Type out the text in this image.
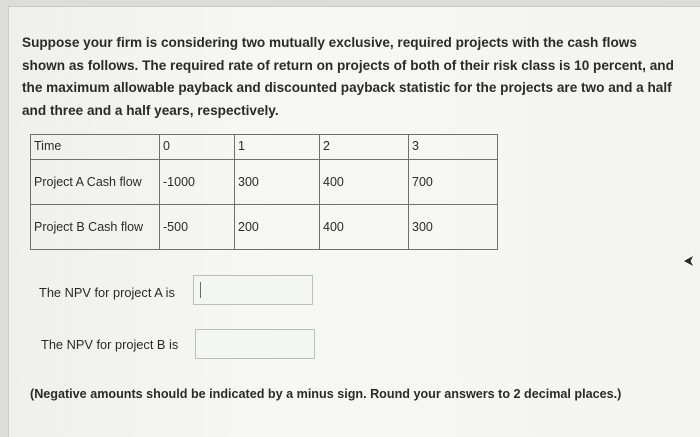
Suppose your firm is considering two mutually exclusive, required projects with the cash flows shown as follows. The required rate of return on projects of both of their risk class is 10 percent, and the maximum allowable payback and discounted payback statistic for the projects are two and a half and three and a half years, respectively.

Time	0	1	2	3
Project A Cash flow	-1000	300	400	700
Project B Cash flow	-500	200	400	300
The NPV for project A is
The NPV for project B is
(Negative amounts should be indicated by a minus sign. Round your answers to 2 decimal places.)
